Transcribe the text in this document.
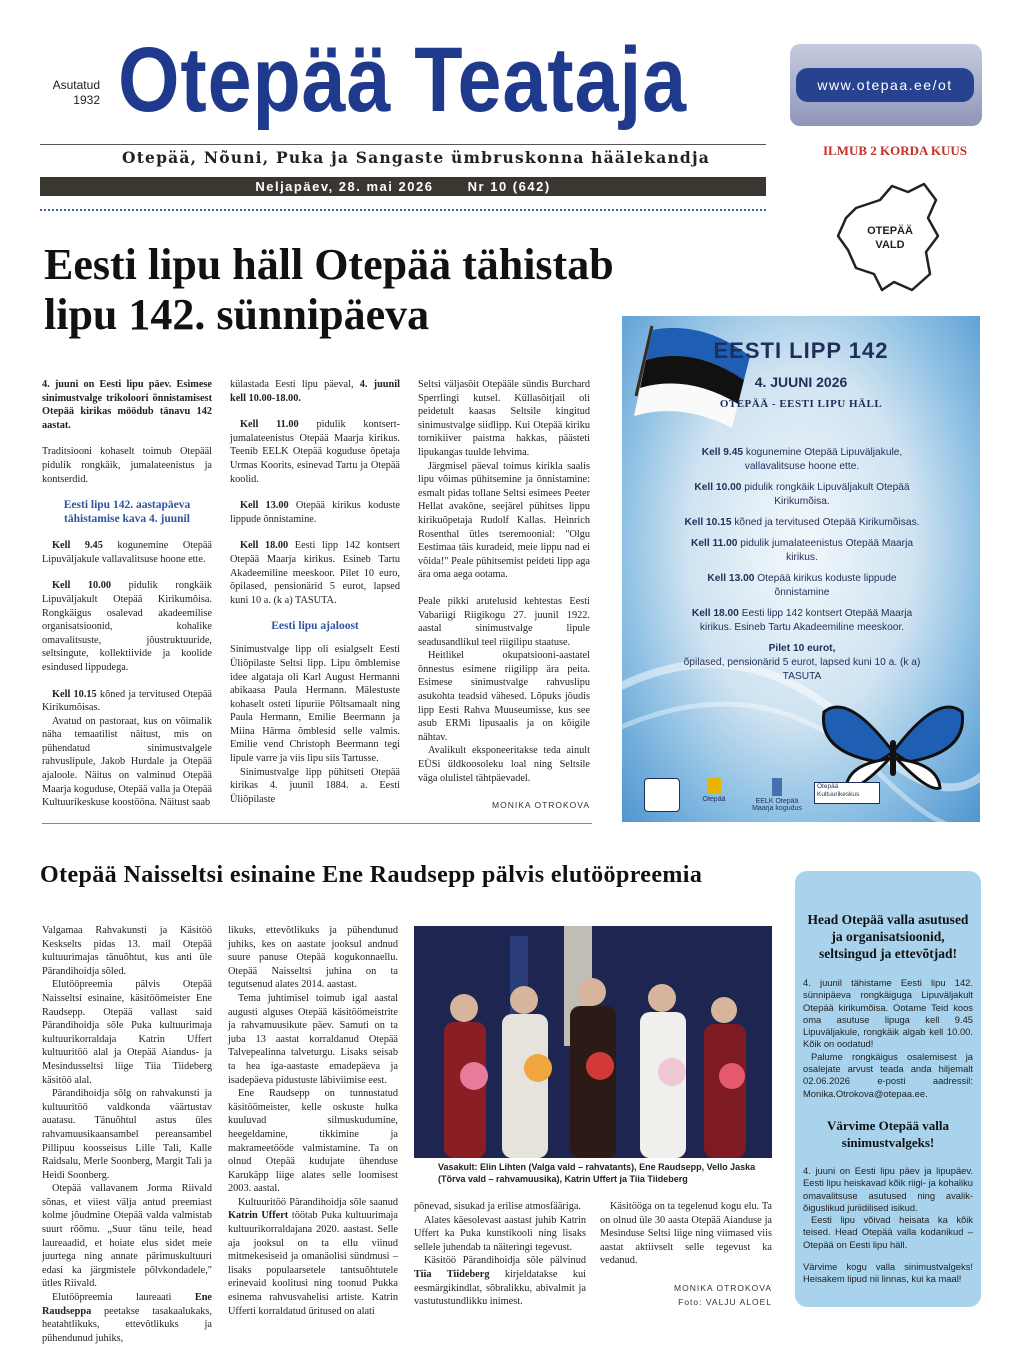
Asutatud
1932 Otepää Teataja
Otepää, Nõuni, Puka ja Sangaste ümbruskonna häälekandja
Neljapäev, 28. mai 2026	Nr 10 (642)
www.otepaa.ee/ot
ILMUB 2 KORDA KUUS
OTEPÄÄ
VALD
Eesti lipu häll Otepää tähistab
lipu 142. sünnipäeva

4. juuni on Eesti lipu päev. Esimese sinimustvalge trikoloori õnnistamisest Otepää kirikas möödub tänavu 142 aastat.

Traditsiooni kohaselt toimub Otepääl pidulik rongkäik, jumalateenistus ja kontserdid.

Eesti lipu 142. aastapäeva tähistamise kava 4. juunil

Kell 9.45 kogunemine Otepää Lipuväljakule vallavalitsuse hoone ette.

Kell 10.00 pidulik rongkäik Lipuväljakult Otepää Kirikumõisa. Rongkäigus osalevad akadeemilise organisatsioonid, kohalike omavalitsuste, jõustruktuuride, seltsingute, kollektiivide ja koolide esindused lippudega.

Kell 10.15 kõned ja tervitused Otepää Kirikumõisas.

Avatud on pastoraat, kus on võimalik näha temaatilist näitust, mis on pühendatud sinimustvalgele rahvuslipule, Jakob Hurdale ja Otepää ajaloole. Näitus on valminud Otepää Maarja koguduse, Otepää valla ja Otepää Kultuurikeskuse koostööna. Näitust saab

külastada Eesti lipu päeval, 4. juunil kell 10.00-18.00.

Kell 11.00 pidulik kontsert-jumalateenistus Otepää Maarja kirikus. Teenib EELK Otepää koguduse õpetaja Urmas Koorits, esinevad Tartu ja Otepää koolid.

Kell 13.00 Otepää kirikus koduste lippude õnnistamine.

Kell 18.00 Eesti lipp 142 kontsert Otepää Maarja kirikus. Esineb Tartu Akadeemiline meeskoor. Pilet 10 euro, õpilased, pensionärid 5 eurot, lapsed kuni 10 a. (k a) TASUTA.

Eesti lipu ajaloost

Sinimustvalge lipp oli esialgselt Eesti Üliõpilaste Seltsi lipp. Lipu õmblemise idee algataja oli Karl August Hermanni abikaasa Paula Hermann. Mälestuste kohaselt osteti lipuriie Põltsamaalt ning Paula Hermann, Emilie Beermann ja Miina Härma õmblesid selle valmis. Emilie vend Christoph Beermann tegi lipule varre ja viis lipu siis Tartusse.

Sinimustvalge lipp pühitseti Otepää kirikas 4. juunil 1884. a. Eesti Üliõpilaste

Seltsi väljasõit Otepääle sündis Burchard Sperrlingi kutsel. Küllasõitjail oli peidetult kaasas Seltsile kingitud sinimustvalge siidlipp. Kui Otepää kiriku tornikiiver paistma hakkas, päästeti lipukangas tuulde lehvima.

Järgmisel päeval toimus kirikla saalis lipu võimas pühitsemine ja õnnistamine: esmalt pidas tollane Seltsi esimees Peeter Hellat avakõne, seejärel pühitses lippu kirikuõpetaja Rudolf Kallas. Heinrich Rosenthal ütles tseremoonial: "Olgu Eestimaa täis kuradeid, meie lippu nad ei võida!" Peale pühitsemist peideti lipp aga ära oma aega ootama.

Peale pikki arutelusid kehtestas Eesti Vabariigi Riigikogu 27. juunil 1922. aastal sinimustvalge lipule seadusandlikul teel riigilipu staatuse.

Heitlikel okupatsiooni-aastatel õnnestus esimene riigilipp ära peita. Esimese sinimustvalge rahvuslipu asukohta teadsid vähesed. Lõpuks jõudis lipp Eesti Rahva Muuseumisse, kus see asub ERMi lipusaalis ja on kõigile nähtav.

Avalikult eksponeeritakse teda ainult EÜSi üldkoosoleku loal ning Seltsile väga olulistel tähtpäevadel.

MONIKA OTROKOVA
EESTI LIPP 142
4. JUUNI 2026
OTEPÄÄ - EESTI LIPU HÄLL
Kell 9.45 kogunemine Otepää Lipuväljakule, vallavalitsuse hoone ette.
Kell 10.00 pidulik rongkäik Lipuväljakult Otepää Kirikumõisa.
Kell 10.15 kõned ja tervitused Otepää Kirikumõisas.
Kell 11.00 pidulik jumalateenistus Otepää Maarja kirikus.
Kell 13.00 Otepää kirikus koduste lippude õnnistamine
Kell 18.00 Eesti lipp 142 kontsert Otepää Maarja kirikus. Esineb Tartu Akadeemiline meeskoor.
Pilet 10 eurot,
õpilased, pensionärid 5 eurot, lapsed kuni 10 a. (k a) TASUTA
Otepää	EELK Otepää Maarja kogudus
Otepää Kultuurikeskus
Otepää Naisseltsi esinaine Ene Raudsepp pälvis elutööpreemia

Valgamaa Rahvakunsti ja Käsitöö Keskselts pidas 13. mail Otepää kultuurimajas tänuõhtut, kus anti üle Pärandihoidja sõled.

Elutööpreemia pälvis Otepää Naisseltsi esinaine, käsitöömeister Ene Raudsepp. Otepää vallast said Pärandihoidja sõle Puka kultuurimaja kultuurikorraldaja Katrin Uffert kultuuritöö alal ja Otepää Aiandus- ja Mesindusseltsi liige Tiia Tiideberg käsitöö alal.

Pärandihoidja sõlg on rahvakunsti ja kultuuritöö valdkonda väärtustav auatasu. Tänuõhtul astus üles rahvamuusikaansambel pereansambel Pillipuu koosseisus Lille Tali, Kalle Raidsalu, Merle Soonberg, Margit Tali ja Heidi Soonberg.

Otepää vallavanem Jorma Riivald sõnas, et viiest välja antud preemiast kolme jõudmine Otepää valda valmistab suurt rõõmu. „Suur tänu teile, head laureaadid, et hoiate elus sidet meie juurtega ning annate pärimuskultuuri edasi ka järgmistele põlvkondadele," ütles Riivald.

Elutööpreemia laureaati Ene Raudseppa peetakse tasakaalukaks, heatahtlikuks, ettevõtlikuks ja pühendunud juhiks,

likuks, ettevõtlikuks ja pühendunud juhiks, kes on aastate jooksul andnud suure panuse Otepää kogukonnaellu. Otepää Naisseltsi juhina on ta tegutsenud alates 2014. aastast.

Tema juhtimisel toimub igal aastal augusti alguses Otepää käsitöömeistrite ja rahvamuusikute päev. Samuti on ta juba 13 aastat korraldanud Otepää Talvepealinna talveturgu. Lisaks seisab ta hea iga-aastaste emadepäeva ja isadepäeva pidustuste läbiviimise eest.

Ene Raudsepp on tunnustatud käsitöömeister, kelle oskuste hulka kuuluvad silmuskudumine, heegeldamine, tikkimine ja makrameetööde valmistamine. Ta on olnud Otepää kudujate ühenduse Karukäpp liige alates selle loomisest 2003. aastal.

Kultuuritöö Pärandihoidja sõle saanud Katrin Uffert töötab Puka kultuurimaja kultuurikorraldajana 2020. aastast. Selle aja jooksul on ta ellu viinud mitmekesiseid ja omanäolisi sündmusi – lisaks populaarsetele tantsuõhtutele erinevaid koolitusi ning toonud Pukka esinema rahvusvahelisi artiste. Katrin Ufferti korraldatud üritused on alati

Vasakult: Elin Lihten (Valga vald – rahvatants), Ene Raudsepp, Vello Jaska (Tõrva vald – rahvamuusika), Katrin Uffert ja Tiia Tiideberg

põnevad, sisukad ja erilise atmosfääriga.

Alates käesolevast aastast juhib Katrin Uffert ka Puka kunstikooli ning lisaks sellele juhendab ta näiteringi tegevust.

Käsitöö Pärandihoidja sõle pälvinud Tiia Tiideberg kirjeldatakse kui eesmärgikindlat, sõbralikku, abivalmit ja vastutustundlikku inimest.

Käsitööga on ta tegelenud kogu elu. Ta on olnud üle 30 aasta Otepää Aianduse ja Mesinduse Seltsi liige ning viimased viis aastat aktiivselt selle tegevust ka vedanud.

MONIKA OTROKOVA
Foto: VALJU ALOEL
Head Otepää valla asutused ja organisatsioonid, seltsingud ja ettevõtjad!

4. juunil tähistame Eesti lipu 142. sünnipäeva rongkäiguga Lipuväljakult Otepää kirikumõisa. Ootame Teid koos oma asutuse lipuga kell 9.45 Lipuväljakule, rongkäik algab kell 10.00. Kõik on oodatud!

Palume rongkäigus osalemisest ja osalejate arvust teada anda hiljemalt 02.06.2026 e-posti aadressil: Monika.Otrokova@otepaa.ee.

Värvime Otepää valla sinimustvalgeks!

4. juuni on Eesti lipu päev ja lipupäev. Eesti lipu heiskavad kõik riigi- ja kohaliku omavalitsuse asutused ning avalik-õiguslikud juriidilised isikud.

Eesti lipu võivad heisata ka kõik teised. Head Otepää valla kodanikud – Otepää on Eesti lipu häll.

Värvime kogu valla sinimustvalgeks! Heisakem lipud nii linnas, kui ka maal!
